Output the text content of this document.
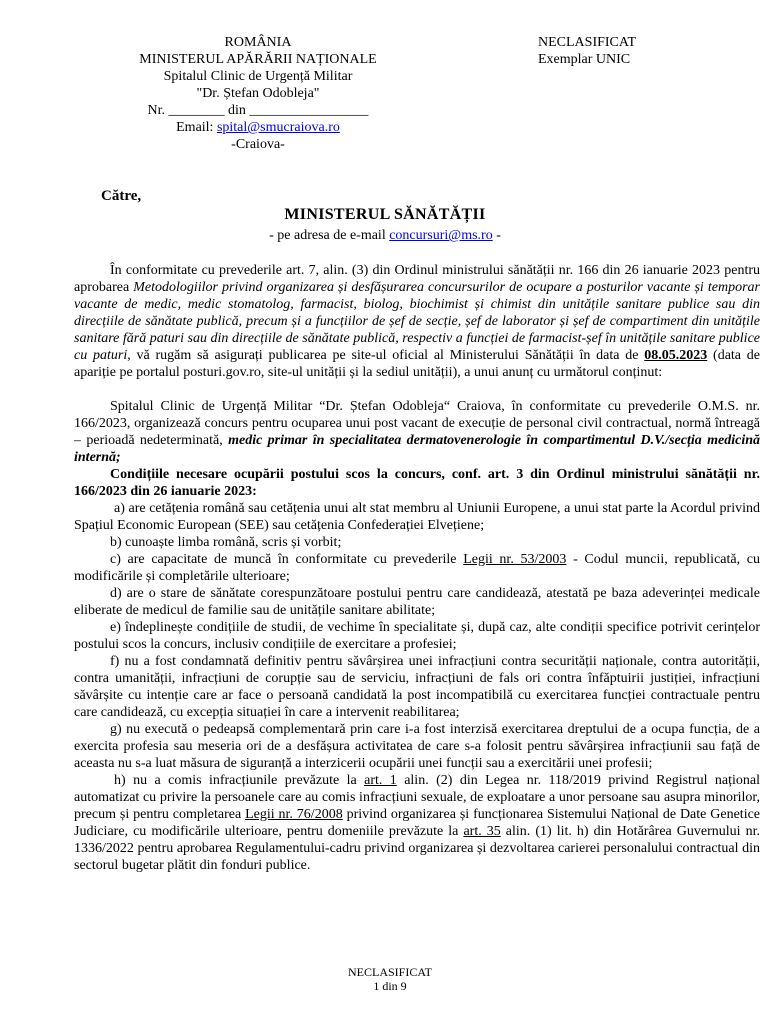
ROMÂNIA
MINISTERUL APĂRĂRII NAȚIONALE
Spitalul Clinic de Urgență Militar
"Dr. Ștefan Odobleja"
Nr. ________ din _________________
Email: spital@smucraiova.ro
-Craiova-
NECLASIFICAT
Exemplar UNIC
Către,
MINISTERUL SĂNĂTĂȚII
- pe adresa de e-mail concursuri@ms.ro -

În conformitate cu prevederile art. 7, alin. (3) din Ordinul ministrului sănătății nr. 166 din 26 ianuarie 2023 pentru aprobarea Metodologiilor privind organizarea și desfășurarea concursurilor de ocupare a posturilor vacante și temporar vacante de medic, medic stomatolog, farmacist, biolog, biochimist și chimist din unitățile sanitare publice sau din direcțiile de sănătate publică, precum și a funcțiilor de șef de secție, șef de laborator și șef de compartiment din unitățile sanitare fără paturi sau din direcțiile de sănătate publică, respectiv a funcției de farmacist-șef în unitățile sanitare publice cu paturi, vă rugăm să asigurați publicarea pe site-ul oficial al Ministerului Sănătății în data de 08.05.2023 (data de apariție pe portalul posturi.gov.ro, site-ul unității și la sediul unității), a unui anunț cu următorul conținut:

Spitalul Clinic de Urgență Militar “Dr. Ștefan Odobleja“ Craiova, în conformitate cu prevederile O.M.S. nr. 166/2023, organizează concurs pentru ocuparea unui post vacant de execuție de personal civil contractual, normă întreagă – perioadă nedeterminată, medic primar în specialitatea dermatovenerologie în compartimentul D.V./secția medicină internă;

Condițiile necesare ocupării postului scos la concurs, conf. art. 3 din Ordinul ministrului sănătății nr. 166/2023 din 26 ianuarie 2023:

a) are cetățenia română sau cetățenia unui alt stat membru al Uniunii Europene, a unui stat parte la Acordul privind Spațiul Economic European (SEE) sau cetățenia Confederației Elvețiene;

b) cunoaște limba română, scris și vorbit;

c) are capacitate de muncă în conformitate cu prevederile Legii nr. 53/2003 - Codul muncii, republicată, cu modificările și completările ulterioare;

d) are o stare de sănătate corespunzătoare postului pentru care candidează, atestată pe baza adeverinței medicale eliberate de medicul de familie sau de unitățile sanitare abilitate;

e) îndeplinește condițiile de studii, de vechime în specialitate și, după caz, alte condiții specifice potrivit cerințelor postului scos la concurs, inclusiv condițiile de exercitare a profesiei;

f) nu a fost condamnată definitiv pentru săvârșirea unei infracțiuni contra securității naționale, contra autorității, contra umanității, infracțiuni de corupție sau de serviciu, infracțiuni de fals ori contra înfăptuirii justiției, infracțiuni săvârșite cu intenție care ar face o persoană candidată la post incompatibilă cu exercitarea funcției contractuale pentru care candidează, cu excepția situației în care a intervenit reabilitarea;

g) nu execută o pedeapsă complementară prin care i-a fost interzisă exercitarea dreptului de a ocupa funcția, de a exercita profesia sau meseria ori de a desfășura activitatea de care s-a folosit pentru săvârșirea infracțiunii sau față de aceasta nu s-a luat măsura de siguranță a interzicerii ocupării unei funcții sau a exercitării unei profesii;

h) nu a comis infracțiunile prevăzute la art. 1 alin. (2) din Legea nr. 118/2019 privind Registrul național automatizat cu privire la persoanele care au comis infracțiuni sexuale, de exploatare a unor persoane sau asupra minorilor, precum și pentru completarea Legii nr. 76/2008 privind organizarea și funcționarea Sistemului Național de Date Genetice Judiciare, cu modificările ulterioare, pentru domeniile prevăzute la art. 35 alin. (1) lit. h) din Hotărârea Guvernului nr. 1336/2022 pentru aprobarea Regulamentului-cadru privind organizarea și dezvoltarea carierei personalului contractual din sectorul bugetar plătit din fonduri publice.

NECLASIFICAT
1 din 9
